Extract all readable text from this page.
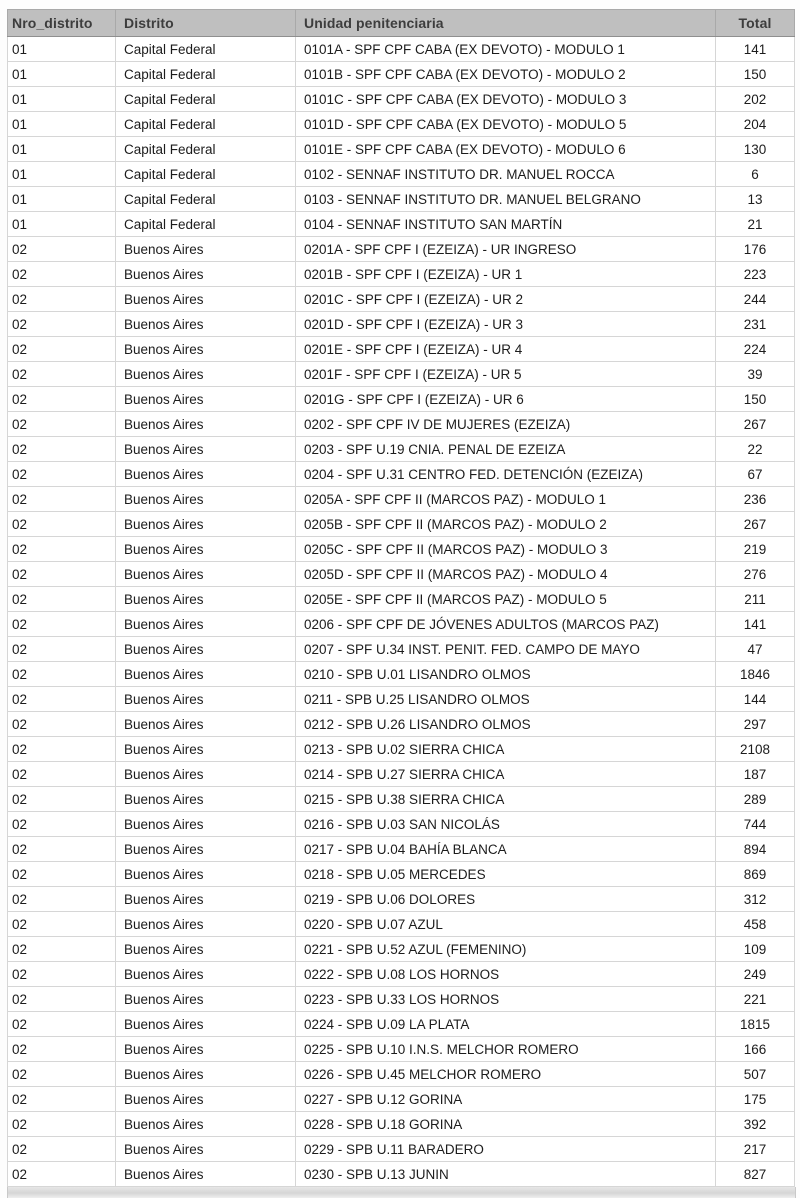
Nro_distrito	Distrito	Unidad penitenciaria	Total
01	Capital Federal	0101A - SPF CPF CABA (EX DEVOTO) - MODULO 1	141
01	Capital Federal	0101B - SPF CPF CABA (EX DEVOTO) - MODULO 2	150
01	Capital Federal	0101C - SPF CPF CABA (EX DEVOTO) - MODULO 3	202
01	Capital Federal	0101D - SPF CPF CABA (EX DEVOTO) - MODULO 5	204
01	Capital Federal	0101E - SPF CPF CABA (EX DEVOTO) - MODULO 6	130
01	Capital Federal	0102 - SENNAF INSTITUTO DR. MANUEL ROCCA	6
01	Capital Federal	0103 - SENNAF INSTITUTO DR. MANUEL BELGRANO	13
01	Capital Federal	0104 - SENNAF INSTITUTO SAN MARTÍN	21
02	Buenos Aires	0201A - SPF CPF I (EZEIZA) - UR INGRESO	176
02	Buenos Aires	0201B - SPF CPF I (EZEIZA) - UR 1	223
02	Buenos Aires	0201C - SPF CPF I (EZEIZA) - UR 2	244
02	Buenos Aires	0201D - SPF CPF I (EZEIZA) - UR 3	231
02	Buenos Aires	0201E - SPF CPF I (EZEIZA) - UR 4	224
02	Buenos Aires	0201F - SPF CPF I (EZEIZA) - UR 5	39
02	Buenos Aires	0201G - SPF CPF I (EZEIZA) - UR 6	150
02	Buenos Aires	0202 - SPF CPF IV DE MUJERES (EZEIZA)	267
02	Buenos Aires	0203 - SPF U.19 CNIA. PENAL DE EZEIZA	22
02	Buenos Aires	0204 - SPF U.31 CENTRO FED. DETENCIÓN (EZEIZA)	67
02	Buenos Aires	0205A - SPF CPF II (MARCOS PAZ) - MODULO 1	236
02	Buenos Aires	0205B - SPF CPF II (MARCOS PAZ) - MODULO 2	267
02	Buenos Aires	0205C - SPF CPF II (MARCOS PAZ) - MODULO 3	219
02	Buenos Aires	0205D - SPF CPF II (MARCOS PAZ) - MODULO 4	276
02	Buenos Aires	0205E - SPF CPF II (MARCOS PAZ) - MODULO 5	211
02	Buenos Aires	0206 - SPF CPF DE JÓVENES ADULTOS (MARCOS PAZ)	141
02	Buenos Aires	0207 - SPF U.34 INST. PENIT. FED. CAMPO DE MAYO	47
02	Buenos Aires	0210 - SPB U.01 LISANDRO OLMOS	1846
02	Buenos Aires	0211 - SPB U.25 LISANDRO OLMOS	144
02	Buenos Aires	0212 - SPB U.26 LISANDRO OLMOS	297
02	Buenos Aires	0213 - SPB U.02 SIERRA CHICA	2108
02	Buenos Aires	0214 - SPB U.27 SIERRA CHICA	187
02	Buenos Aires	0215 - SPB U.38 SIERRA CHICA	289
02	Buenos Aires	0216 - SPB U.03 SAN NICOLÁS	744
02	Buenos Aires	0217 - SPB U.04 BAHÍA BLANCA	894
02	Buenos Aires	0218 - SPB U.05 MERCEDES	869
02	Buenos Aires	0219 - SPB U.06 DOLORES	312
02	Buenos Aires	0220 - SPB U.07 AZUL	458
02	Buenos Aires	0221 - SPB U.52 AZUL (FEMENINO)	109
02	Buenos Aires	0222 - SPB U.08 LOS HORNOS	249
02	Buenos Aires	0223 - SPB U.33 LOS HORNOS	221
02	Buenos Aires	0224 - SPB U.09 LA PLATA	1815
02	Buenos Aires	0225 - SPB U.10 I.N.S. MELCHOR ROMERO	166
02	Buenos Aires	0226 - SPB U.45 MELCHOR ROMERO	507
02	Buenos Aires	0227 - SPB U.12 GORINA	175
02	Buenos Aires	0228 - SPB U.18 GORINA	392
02	Buenos Aires	0229 - SPB U.11 BARADERO	217
02	Buenos Aires	0230 - SPB U.13 JUNIN	827
